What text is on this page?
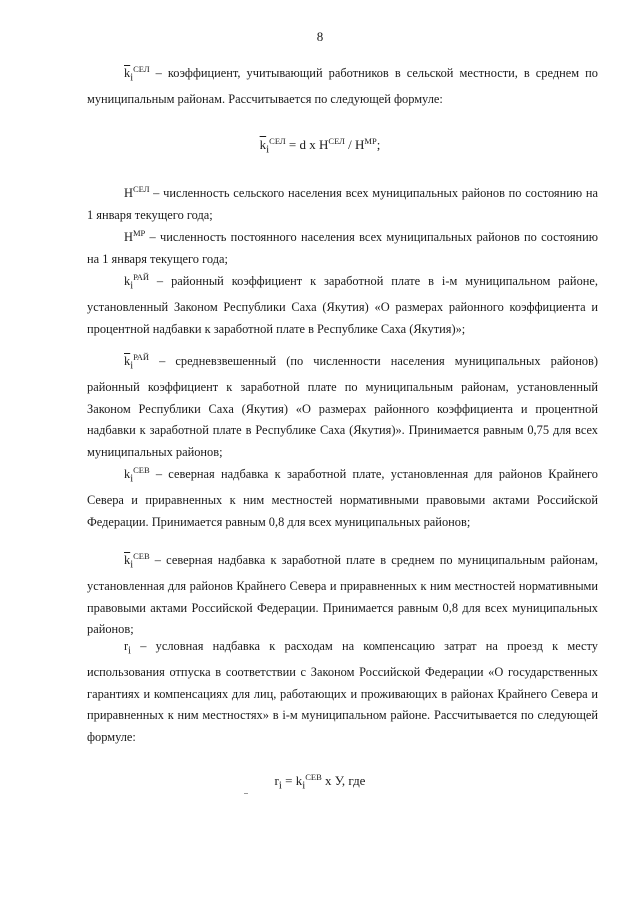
8

$\overline{k}_i^{СЕЛ}$ – коэффициент, учитывающий работников в сельской местности, в среднем по муниципальным районам. Рассчитывается по следующей формуле:

$\overline{k}_i^{СЕЛ} = d$ x $H^{СЕЛ} / H^{МР}$;

$H^{СЕЛ}$ – численность сельского населения всех муниципальных районов по состоянию на 1 января текущего года;

$H^{МР}$ – численность постоянного населения всех муниципальных районов по состоянию на 1 января текущего года;

$k_i^{РАЙ}$ – районный коэффициент к заработной плате в i-м муниципальном районе, установленный Законом Республики Саха (Якутия) «О размерах районного коэффициента и процентной надбавки к заработной плате в Республике Саха (Якутия)»;

$\overline{k}_i^{РАЙ}$ – средневзвешенный (по численности населения муниципальных районов) районный коэффициент к заработной плате по муниципальным районам, установленный Законом Республики Саха (Якутия) «О размерах районного коэффициента и процентной надбавки к заработной плате в Республике Саха (Якутия)». Принимается равным 0,75 для всех муниципальных районов;

$k_i^{СЕВ}$ – северная надбавка к заработной плате, установленная для районов Крайнего Севера и приравненных к ним местностей нормативными правовыми актами Российской Федерации. Принимается равным 0,8 для всех муниципальных районов;

$\overline{k}_i^{СЕВ}$ – северная надбавка к заработной плате в среднем по муниципальным районам, установленная для районов Крайнего Севера и приравненных к ним местностей нормативными правовыми актами Российской Федерации. Принимается равным 0,8 для всех муниципальных районов;

$r_i$ – условная надбавка к расходам на компенсацию затрат на проезд к месту использования отпуска в соответствии с Законом Российской Федерации «О государственных гарантиях и компенсациях для лиц, работающих и проживающих в районах Крайнего Севера и приравненных к ним местностях» в i-м муниципальном районе. Рассчитывается по следующей формуле:

$r_i = k_i^{СЕВ}$ х У, где
